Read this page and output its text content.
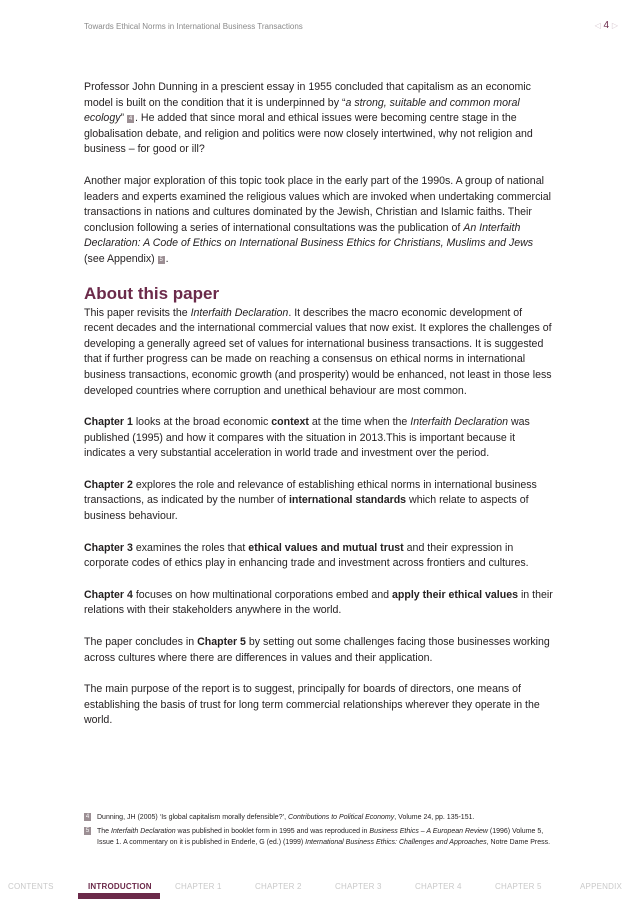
Towards Ethical Norms in International Business Transactions	◁ 4 ▷

Professor John Dunning in a prescient essay in 1955 concluded that capitalism as an economic model is built on the condition that it is underpinned by “a strong, suitable and common moral ecology” 4 . He added that since moral and ethical issues were becoming centre stage in the globalisation debate, and religion and politics were now closely intertwined, why not religion and business – for good or ill?

Another major exploration of this topic took place in the early part of the 1990s. A group of national leaders and experts examined the religious values which are invoked when undertaking commercial transactions in nations and cultures dominated by the Jewish, Christian and Islamic faiths. Their conclusion following a series of international consultations was the publication of An Interfaith Declaration: A Code of Ethics on International Business Ethics for Christians, Muslims and Jews (see Appendix) 5 .

About this paper

This paper revisits the Interfaith Declaration. It describes the macro economic development of recent decades and the international commercial values that now exist. It explores the challenges of developing a generally agreed set of values for international business transactions. It is suggested that if further progress can be made on reaching a consensus on ethical norms in international business transactions, economic growth (and prosperity) would be enhanced, not least in those less developed countries where corruption and unethical behaviour are most common.

Chapter 1 looks at the broad economic context at the time when the Interfaith Declaration was published (1995) and how it compares with the situation in 2013.This is important because it indicates a very substantial acceleration in world trade and investment over the period.

Chapter 2 explores the role and relevance of establishing ethical norms in international business transactions, as indicated by the number of international standards which relate to aspects of business behaviour.

Chapter 3 examines the roles that ethical values and mutual trust and their expression in corporate codes of ethics play in enhancing trade and investment across frontiers and cultures.

Chapter 4 focuses on how multinational corporations embed and apply their ethical values in their relations with their stakeholders anywhere in the world.

The paper concludes in Chapter 5 by setting out some challenges facing those businesses working across cultures where there are differences in values and their application.

The main purpose of the report is to suggest, principally for boards of directors, one means of establishing the basis of trust for long term commercial relationships wherever they operate in the world.

4 Dunning, JH (2005) ‘Is global capitalism morally defensible?’, Contributions to Political Economy, Volume 24, pp. 135-151.
5 The Interfaith Declaration was published in booklet form in 1995 and was reproduced in Business Ethics – A European Review (1996) Volume 5, Issue 1. A commentary on it is published in Enderle, G (ed.) (1999) International Business Ethics: Challenges and Approaches, Notre Dame Press.
CONTENTS	INTRODUCTION	CHAPTER 1	CHAPTER 2	CHAPTER 3	CHAPTER 4	CHAPTER 5	APPENDIX
